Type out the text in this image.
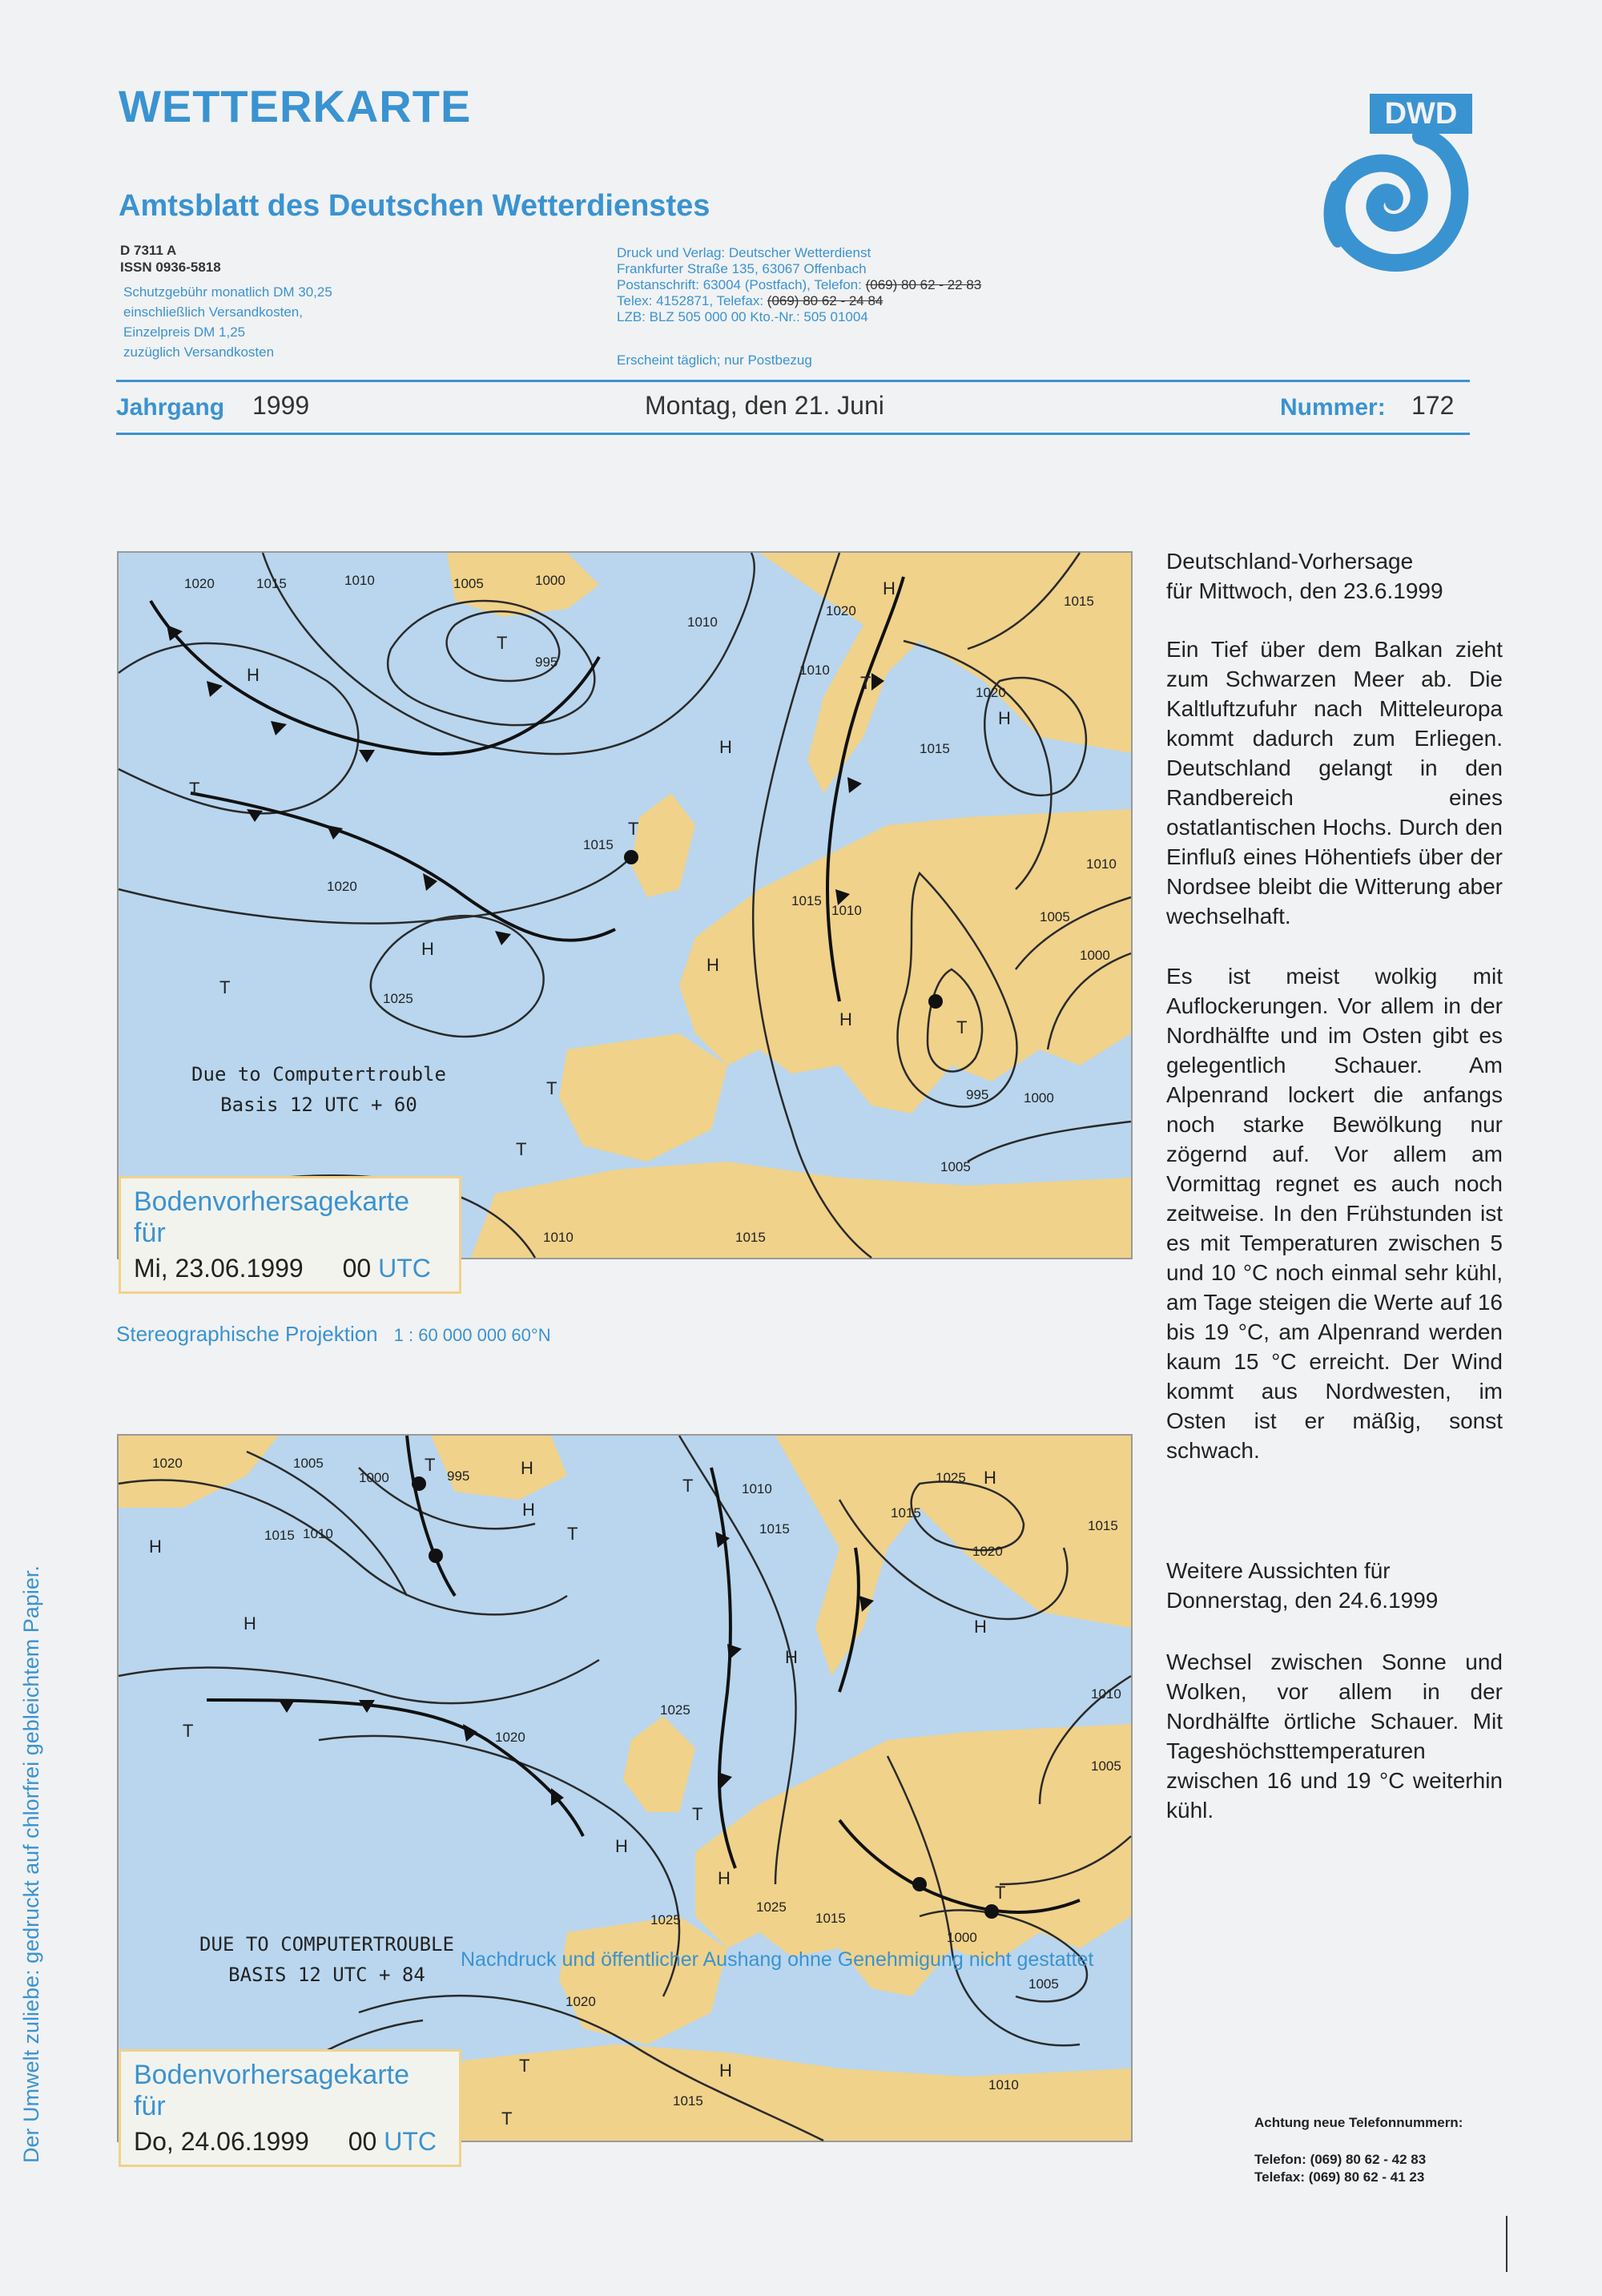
WETTERKARTE
Amtsblatt des Deutschen Wetterdienstes
D 7311 A
ISSN 0936-5818
Schutzgebühr monatlich DM 30,25
einschließlich Versandkosten,
Einzelpreis DM 1,25
zuzüglich Versandkosten
Druck und Verlag: Deutscher Wetterdienst
Frankfurter Straße 135, 63067 Offenbach
Postanschrift: 63004 (Postfach), Telefon: (069) 80 62 - 22 83
Telex: 4152871, Telefax: (069) 80 62 - 24 84
LZB: BLZ 505 000 00 Kto.-Nr.: 505 01004
Erscheint täglich; nur Postbezug
DWD
Jahrgang 1999	Montag, den 21. Juni	Nummer: 172
1020	1015	1010	1005	1000
995
1020
1015
1010
1010
1015
1020
1025
1020
1015
1010
1005
1000
995	1000
1005
1010
1015
1015
1010
H
H
T
T
H
T
H
T
T
T
H
H
T
T
H
Due to Computertrouble
Basis 12 UTC + 60
Bodenvorhersagekarte für
Mi, 23.06.1999 00 UTC
Stereographische Projektion 1 : 60 000 000 60°N
1020	1005
1000	995
1015 1010
1010
1015
1025
1015
1020
1015
1025
1020
1010
1005
1025
1025
1015
1000
1005
1020
1010
1015
H
H
T
T	H
T
H
H
T
H
T
T
H
H
T	H
H
T
DUE TO COMPUTERTROUBLE
BASIS 12 UTC + 84
Bodenvorhersagekarte für
Do, 24.06.1999 00 UTC

Deutschland-Vorhersage

für Mittwoch, den 23.6.1999

Ein Tief über dem Balkan zieht zum Schwarzen Meer ab. Die Kaltluftzufuhr nach Mitteleuropa kommt dadurch zum Erliegen. Deutschland gelangt in den Randbereich eines ostatlantischen Hochs. Durch den Einfluß eines Höhentiefs über der Nordsee bleibt die Witterung aber wechselhaft.

Es ist meist wolkig mit Auflockerungen. Vor allem in der Nordhälfte und im Osten gibt es gelegentlich Schauer. Am Alpenrand lockert die anfangs noch starke Bewölkung nur zögernd auf. Vor allem am Vormittag regnet es auch noch zeitweise. In den Frühstunden ist es mit Temperaturen zwischen 5 und 10 °C noch einmal sehr kühl, am Tage steigen die Werte auf 16 bis 19 °C, am Alpenrand werden kaum 15 °C erreicht. Der Wind kommt aus Nordwesten, im Osten ist er mäßig, sonst schwach.

Weitere Aussichten für

Donnerstag, den 24.6.1999

Wechsel zwischen Sonne und Wolken, vor allem in der Nordhälfte örtliche Schauer. Mit Tageshöchsttemperaturen zwischen 16 und 19 °C weiterhin kühl.

Achtung neue Telefonnummern:
Telefon: (069) 80 62 - 42 83
Telefax: (069) 80 62 - 41 23
Der Umwelt zuliebe: gedruckt auf chlorfrei gebleichtem Papier.	Nachdruck und öffentlicher Aushang ohne Genehmigung nicht gestattet
